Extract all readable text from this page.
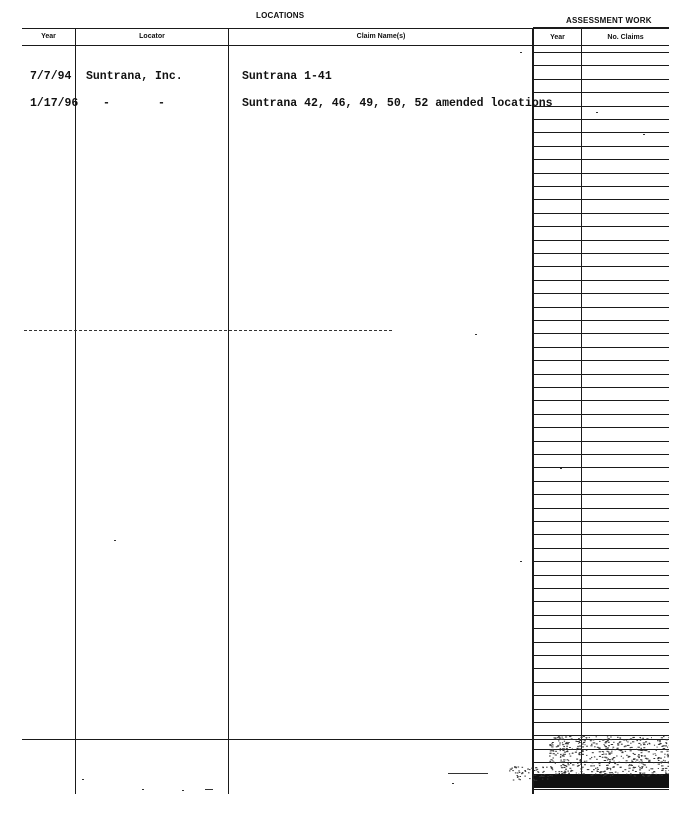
LOCATIONS
ASSESSMENT WORK
Year	Locator	Claim Name(s)	Year	No. Claims
7/7/94 Suntrana, Inc.	Suntrana 1-41
1/17/96 -	-	Suntrana 42, 46, 49, 50, 52 amended locations
